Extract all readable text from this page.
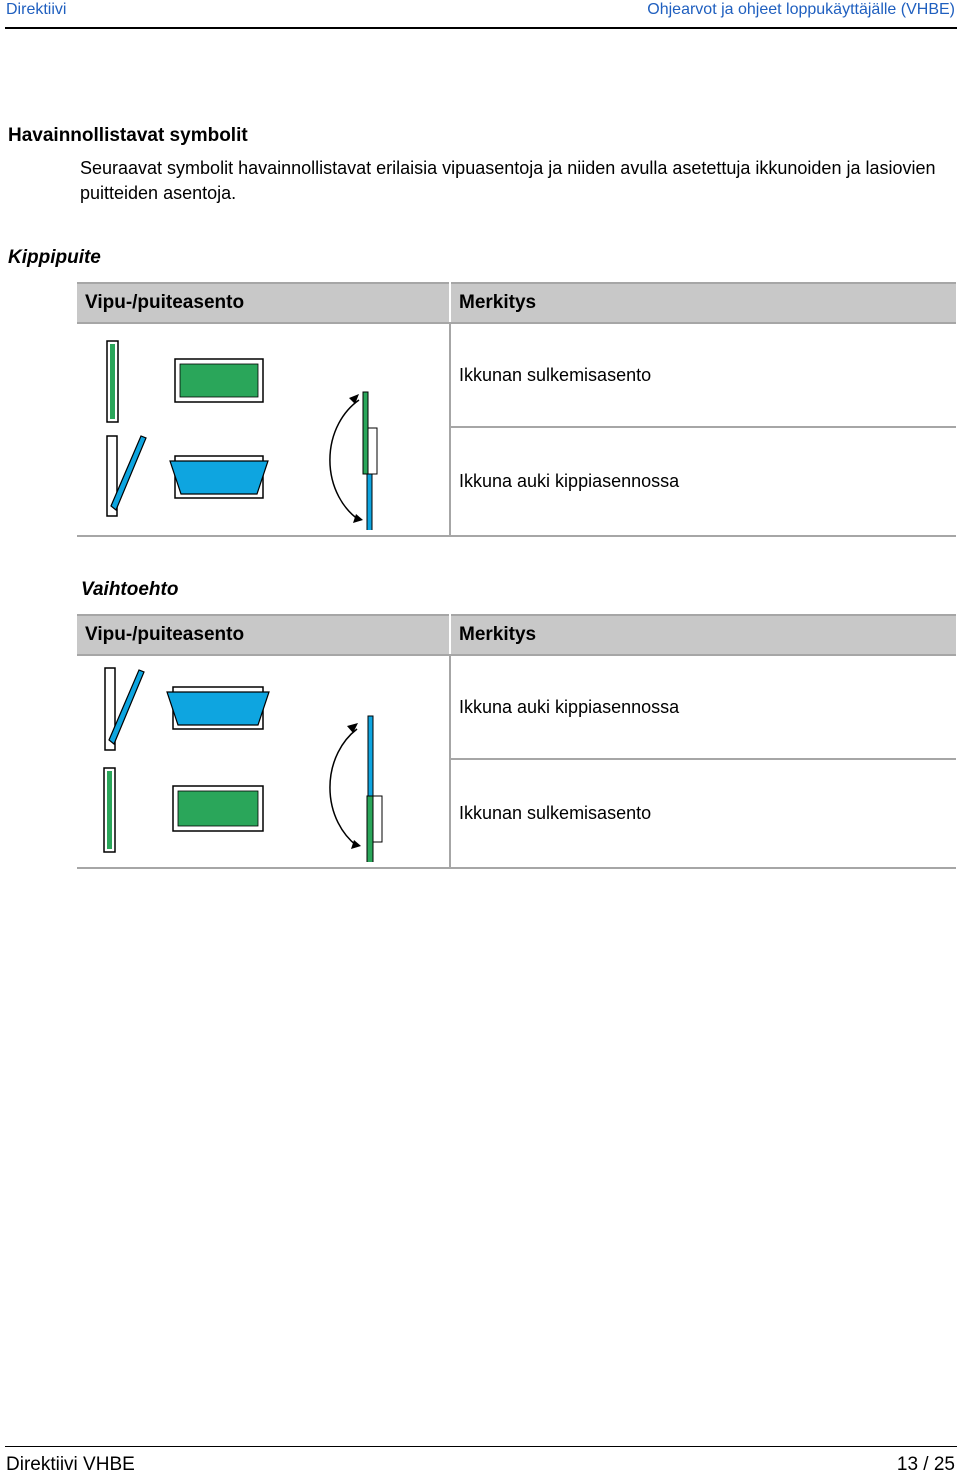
Direktiivi	Ohjearvot ja ohjeet loppukäyttäjälle (VHBE)
Havainnollistavat symbolit
Seuraavat symbolit havainnollistavat erilaisia vipuasentoja ja niiden avulla asetettuja ikkunoiden ja lasiovien puitteiden asentoja.
Kippipuite
Vipu-/puiteasento	Merkitys
	Ikkunan sulkemisasento
	Ikkuna auki kippiasennossa
Vaihtoehto
Vipu-/puiteasento	Merkitys
	Ikkuna auki kippiasennossa
	Ikkunan sulkemisasento
Direktiivi VHBE	13 / 25
